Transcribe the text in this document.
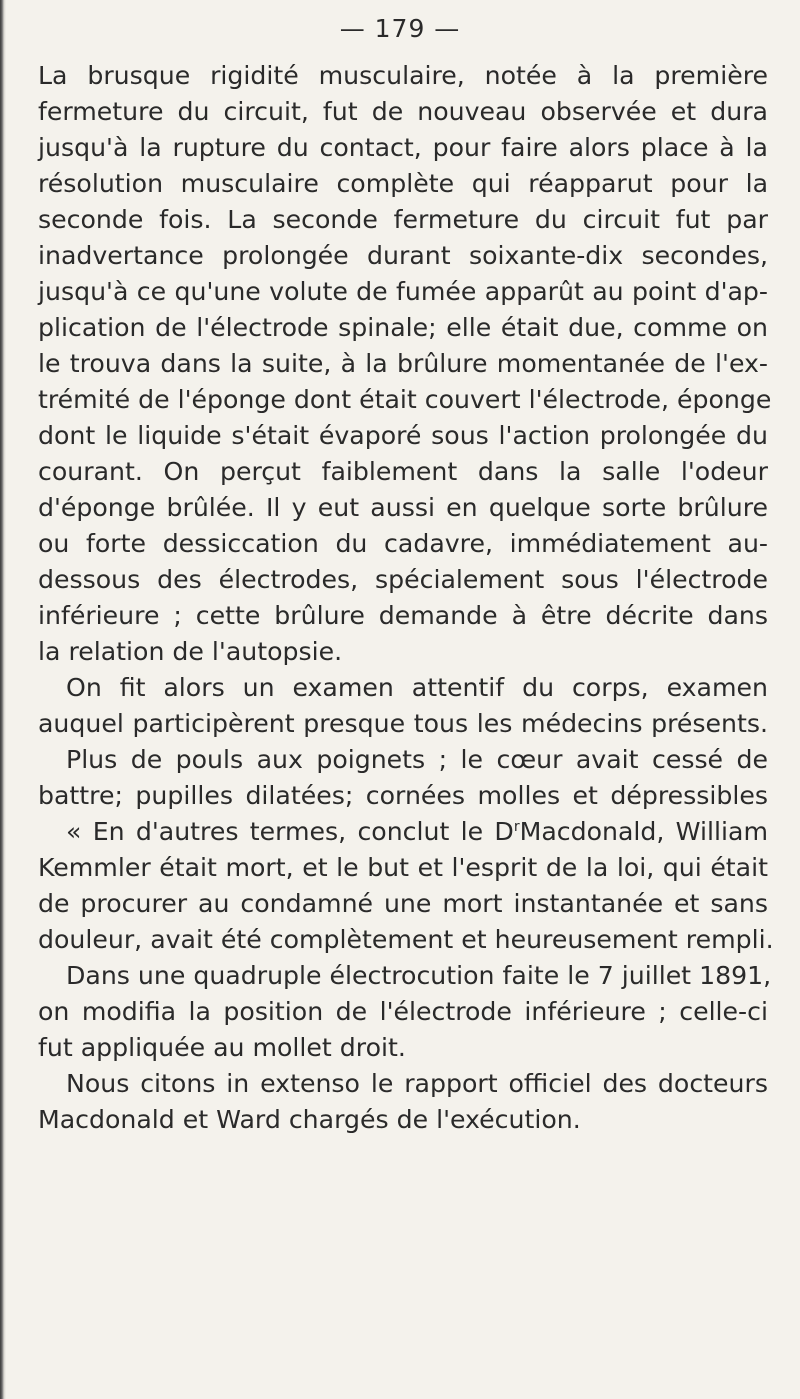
— 179 —
La brusque rigidité musculaire, notée à la première
fermeture du circuit, fut de nouveau observée et dura
jusqu'à la rupture du contact, pour faire alors place à la
résolution musculaire complète qui réapparut pour la
seconde fois. La seconde fermeture du circuit fut par
inadvertance prolongée durant soixante-dix secondes,
jusqu'à ce qu'une volute de fumée apparût au point d'ap-
plication de l'électrode spinale; elle était due, comme on
le trouva dans la suite, à la brûlure momentanée de l'ex-
trémité de l'éponge dont était couvert l'électrode, éponge
dont le liquide s'était évaporé sous l'action prolongée du
courant. On perçut faiblement dans la salle l'odeur
d'éponge brûlée. Il y eut aussi en quelque sorte brûlure
ou forte dessiccation du cadavre, immédiatement au-
dessous des électrodes, spécialement sous l'électrode
inférieure ; cette brûlure demande à être décrite dans
la relation de l'autopsie.
On fit alors un examen attentif du corps, examen
auquel participèrent presque tous les médecins présents.
Plus de pouls aux poignets ; le cœur avait cessé de
battre; pupilles dilatées; cornées molles et dépressibles
« En d'autres termes, conclut le $D^rMacdonald$, William
Kemmler était mort, et le but et l'esprit de la loi, qui était
de procurer au condamné une mort instantanée et sans
douleur, avait été complètement et heureusement rempli.
Dans une quadruple électrocution faite le 7 juillet 1891,
on modifia la position de l'électrode inférieure ; celle-ci
fut appliquée au mollet droit.
Nous citons in extenso le rapport officiel des docteurs
Macdonald et Ward chargés de l'exécution.
